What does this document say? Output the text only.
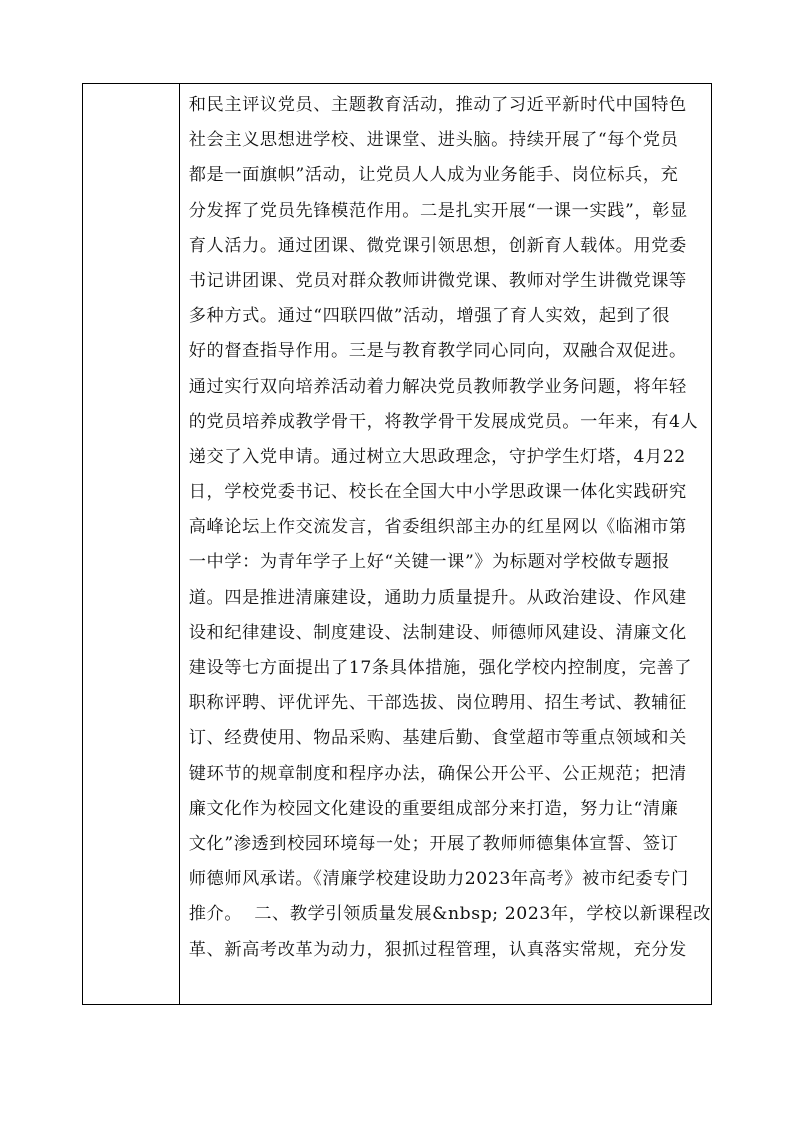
和民主评议党员、主题教育活动，推动了习近平新时代中国特色
社会主义思想进学校、进课堂、进头脑。持续开展了“每个党员
都是一面旗帜”活动，让党员人人成为业务能手、岗位标兵，充
分发挥了党员先锋模范作用。二是扎实开展“一课一实践”，彰显
育人活力。通过团课、微党课引领思想，创新育人载体。用党委
书记讲团课、党员对群众教师讲微党课、教师对学生讲微党课等
多种方式。通过“四联四做”活动，增强了育人实效，起到了很
好的督查指导作用。三是与教育教学同心同向，双融合双促进。
通过实行双向培养活动着力解决党员教师教学业务问题，将年轻
的党员培养成教学骨干，将教学骨干发展成党员。一年来，有4人
递交了入党申请。通过树立大思政理念，守护学生灯塔，4月22
日，学校党委书记、校长在全国大中小学思政课一体化实践研究
高峰论坛上作交流发言，省委组织部主办的红星网以《临湘市第
一中学：为青年学子上好“关键一课”》为标题对学校做专题报
道。四是推进清廉建设，通助力质量提升。从政治建设、作风建
设和纪律建设、制度建设、法制建设、师德师风建设、清廉文化
建设等七方面提出了17条具体措施，强化学校内控制度，完善了
职称评聘、评优评先、干部选拔、岗位聘用、招生考试、教辅征
订、经费使用、物品采购、基建后勤、食堂超市等重点领域和关
键环节的规章制度和程序办法，确保公开公平、公正规范；把清
廉文化作为校园文化建设的重要组成部分来打造，努力让“清廉
文化”渗透到校园环境每一处；开展了教师师德集体宣誓、签订
师德师风承诺。《清廉学校建设助力2023年高考》被市纪委专门
推介。  二、教学引领质量发展&nbsp; 2023年，学校以新课程改
革、新高考改革为动力，狠抓过程管理，认真落实常规，充分发
